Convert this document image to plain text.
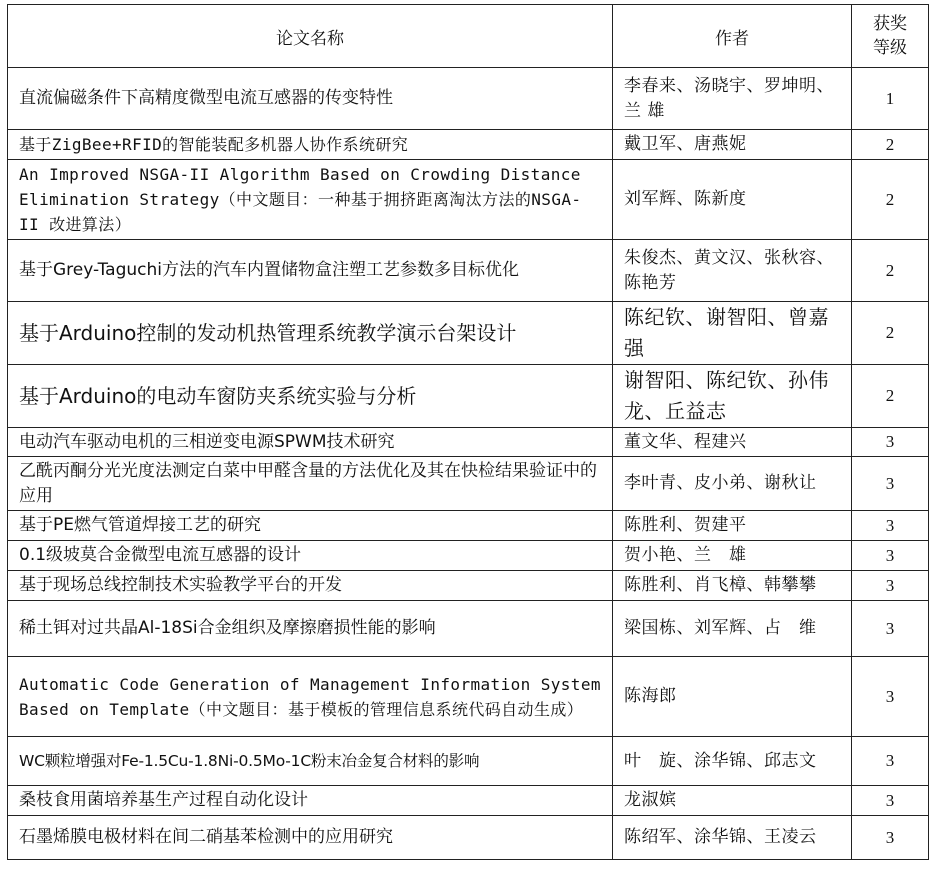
论文名称	作者	获奖等级
直流偏磁条件下高精度微型电流互感器的传变特性	李春来、汤晓宇、罗坤明、兰 雄	1
基于ZigBee+RFID的智能装配多机器人协作系统研究	戴卫军、唐燕妮	2
An Improved NSGA-II Algorithm Based on Crowding Distance Elimination Strategy（中文题目：一种基于拥挤距离淘汰方法的NSGA-II 改进算法）	刘军辉、陈新度	2
基于Grey-Taguchi方法的汽车内置储物盒注塑工艺参数多目标优化	朱俊杰、黄文汉、张秋容、陈艳芳	2
基于Arduino控制的发动机热管理系统教学演示台架设计	陈纪钦、谢智阳、曾嘉强	2
基于Arduino的电动车窗防夹系统实验与分析	谢智阳、陈纪钦、孙伟龙、丘益志	2
电动汽车驱动电机的三相逆变电源SPWM技术研究	董文华、程建兴	3
乙酰丙酮分光光度法测定白菜中甲醛含量的方法优化及其在快检结果验证中的应用	李叶青、皮小弟、谢秋让	3
基于PE燃气管道焊接工艺的研究	陈胜利、贺建平	3
0.1级坡莫合金微型电流互感器的设计	贺小艳、兰　雄	3
基于现场总线控制技术实验教学平台的开发	陈胜利、肖飞樟、韩攀攀	3
稀土铒对过共晶Al-18Si合金组织及摩擦磨损性能的影响	梁国栋、刘军辉、占　维	3
Automatic Code Generation of Management Information System Based on Template（中文题目：基于模板的管理信息系统代码自动生成）	陈海郎	3
WC颗粒增强对Fe-1.5Cu-1.8Ni-0.5Mo-1C粉末冶金复合材料的影响	叶　旋、涂华锦、邱志文	3
桑枝食用菌培养基生产过程自动化设计	龙淑嫔	3
石墨烯膜电极材料在间二硝基苯检测中的应用研究	陈绍军、涂华锦、王凌云	3
